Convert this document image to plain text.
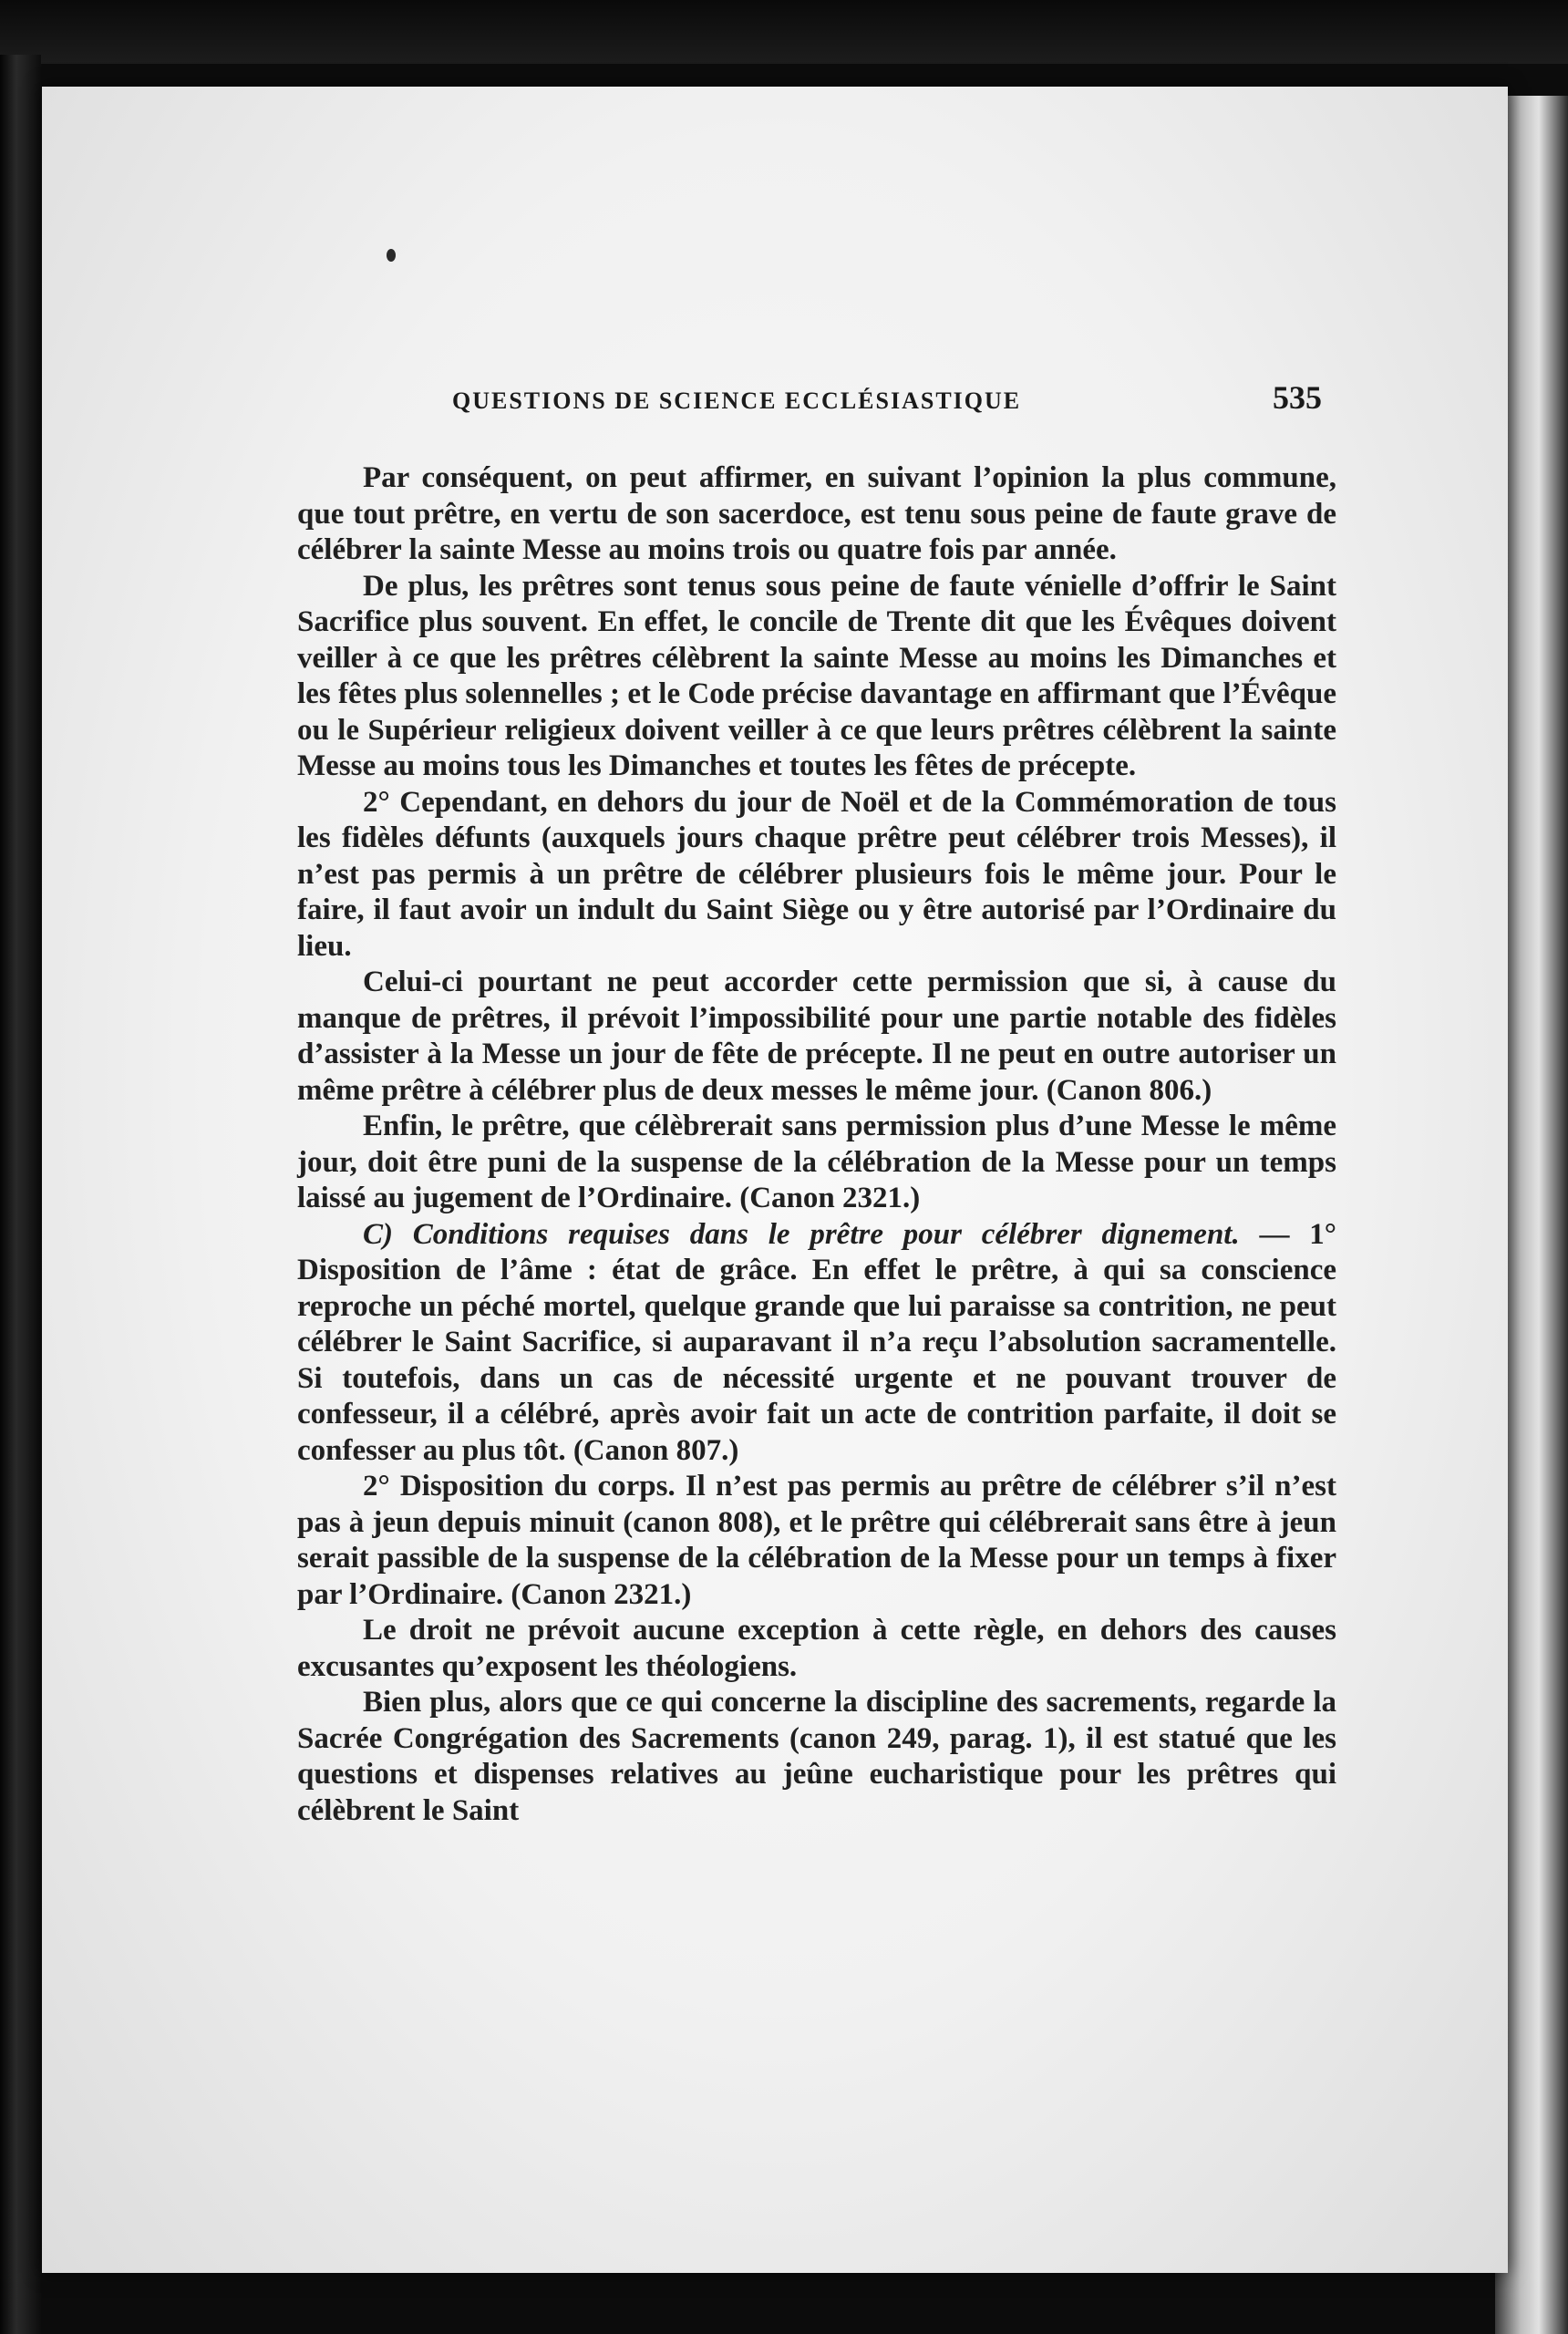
QUESTIONS DE SCIENCE ECCLÉSIASTIQUE	535

Par conséquent, on peut affirmer, en suivant l’opinion la plus commune, que tout prêtre, en vertu de son sacerdoce, est tenu sous peine de faute grave de célébrer la sainte Messe au moins trois ou quatre fois par année.

De plus, les prêtres sont tenus sous peine de faute vénielle d’offrir le Saint Sacrifice plus souvent. En effet, le concile de Trente dit que les Évêques doivent veiller à ce que les prêtres célèbrent la sainte Messe au moins les Dimanches et les fêtes plus solennelles ; et le Code précise davantage en affirmant que l’Évêque ou le Supérieur religieux doivent veiller à ce que leurs prêtres célèbrent la sainte Messe au moins tous les Dimanches et toutes les fêtes de précepte.

2° Cependant, en dehors du jour de Noël et de la Commémoration de tous les fidèles défunts (auxquels jours chaque prêtre peut célébrer trois Messes), il n’est pas permis à un prêtre de célébrer plusieurs fois le même jour. Pour le faire, il faut avoir un indult du Saint Siège ou y être autorisé par l’Ordinaire du lieu.

Celui-ci pourtant ne peut accorder cette permission que si, à cause du manque de prêtres, il prévoit l’impossibilité pour une partie notable des fidèles d’assister à la Messe un jour de fête de précepte. Il ne peut en outre autoriser un même prêtre à célébrer plus de deux messes le même jour. (Canon 806.)

Enfin, le prêtre, que célèbrerait sans permission plus d’une Messe le même jour, doit être puni de la suspense de la célébration de la Messe pour un temps laissé au jugement de l’Ordinaire. (Canon 2321.)

C) Conditions requises dans le prêtre pour célébrer dignement. — 1° Disposition de l’âme : état de grâce. En effet le prêtre, à qui sa conscience reproche un péché mortel, quelque grande que lui paraisse sa contrition, ne peut célébrer le Saint Sacrifice, si auparavant il n’a reçu l’absolution sacramentelle. Si toutefois, dans un cas de nécessité urgente et ne pouvant trouver de confesseur, il a célébré, après avoir fait un acte de contrition parfaite, il doit se confesser au plus tôt. (Canon 807.)

2° Disposition du corps. Il n’est pas permis au prêtre de célébrer s’il n’est pas à jeun depuis minuit (canon 808), et le prêtre qui célébrerait sans être à jeun serait passible de la suspense de la célébration de la Messe pour un temps à fixer par l’Ordinaire. (Canon 2321.)

Le droit ne prévoit aucune exception à cette règle, en dehors des causes excusantes qu’exposent les théologiens.

Bien plus, alors que ce qui concerne la discipline des sacrements, regarde la Sacrée Congrégation des Sacrements (canon 249, parag. 1), il est statué que les questions et dispenses relatives au jeûne eucharistique pour les prêtres qui célèbrent le Saint
